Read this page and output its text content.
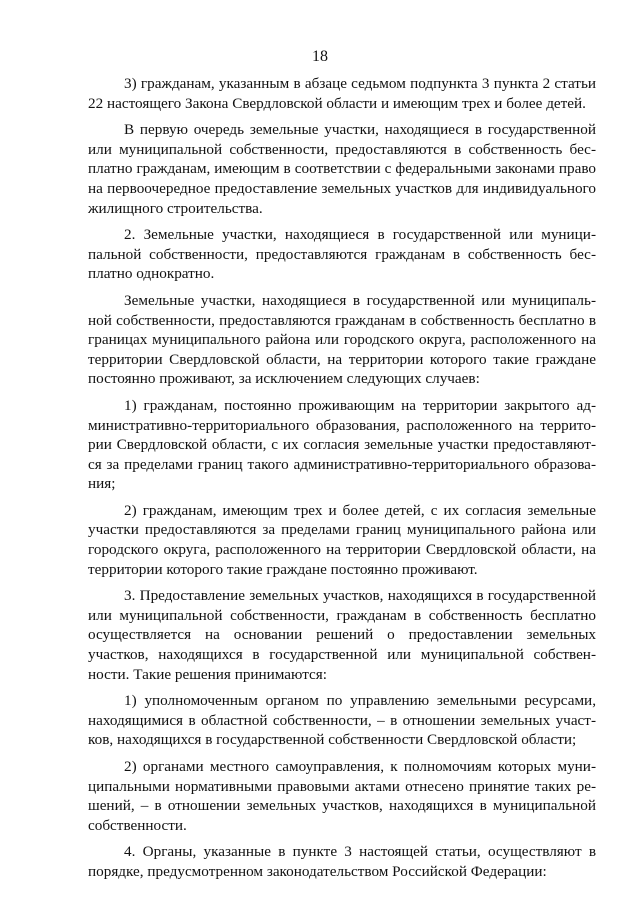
18

3) гражданам, указанным в абзаце седьмом подпункта 3 пункта 2 статьи 22 настоящего Закона Свердловской области и имеющим трех и более детей.

В первую очередь земельные участки, находящиеся в государственной или муниципальной собственности, предоставляются в собственность бесплатно гражданам, имеющим в соответствии с федеральными законами право на первоочередное предоставление земельных участков для индивидуального жилищного строительства.

2. Земельные участки, находящиеся в государственной или муниципальной собственности, предоставляются гражданам в собственность бесплатно однократно.

Земельные участки, находящиеся в государственной или муниципальной собственности, предоставляются гражданам в собственность бесплатно в границах муниципального района или городского округа, расположенного на территории Свердловской области, на территории которого такие граждане постоянно проживают, за исключением следующих случаев:

1) гражданам, постоянно проживающим на территории закрытого административно-территориального образования, расположенного на территории Свердловской области, с их согласия земельные участки предоставляются за пределами границ такого административно-территориального образования;

2) гражданам, имеющим трех и более детей, с их согласия земельные участки предоставляются за пределами границ муниципального района или городского округа, расположенного на территории Свердловской области, на территории которого такие граждане постоянно проживают.

3. Предоставление земельных участков, находящихся в государственной или муниципальной собственности, гражданам в собственность бесплатно осуществляется на основании решений о предоставлении земельных участков, находящихся в государственной или муниципальной собственности. Такие решения принимаются:

1) уполномоченным органом по управлению земельными ресурсами, находящимися в областной собственности, – в отношении земельных участков, находящихся в государственной собственности Свердловской области;

2) органами местного самоуправления, к полномочиям которых муниципальными нормативными правовыми актами отнесено принятие таких решений, – в отношении земельных участков, находящихся в муниципальной собственности.

4. Органы, указанные в пункте 3 настоящей статьи, осуществляют в порядке, предусмотренном законодательством Российской Федерации:
